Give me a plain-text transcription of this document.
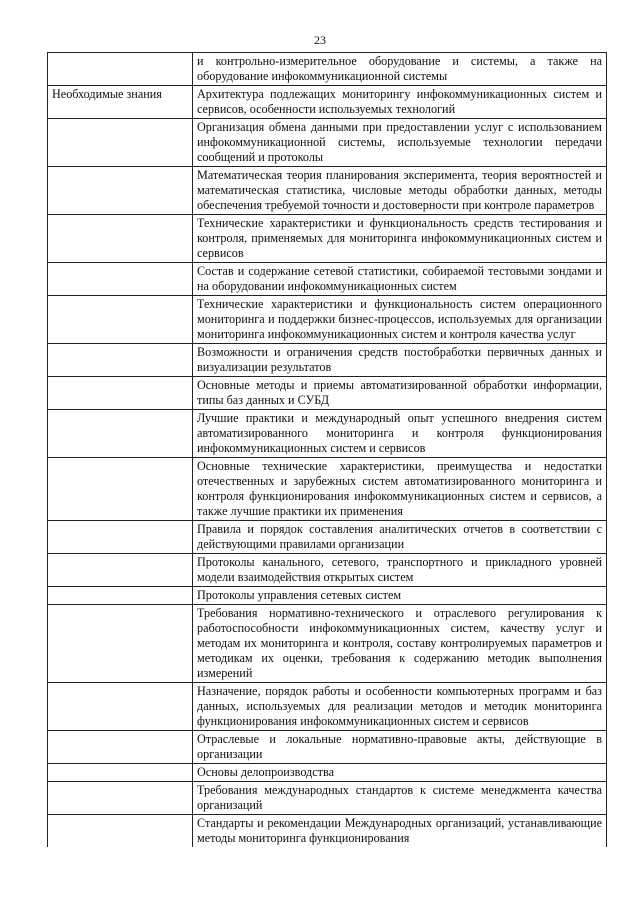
23
	и контрольно-измерительное оборудование и системы, а также на оборудование инфокоммуникационной системы
Необходимые знания	Архитектура подлежащих мониторингу инфокоммуникационных систем и сервисов, особенности используемых технологий
	Организация обмена данными при предоставлении услуг с использованием инфокоммуникационной системы, используемые технологии передачи сообщений и протоколы
	Математическая теория планирования эксперимента, теория вероятностей и математическая статистика, числовые методы обработки данных, методы обеспечения требуемой точности и достоверности при контроле параметров
	Технические характеристики и функциональность средств тестирования и контроля, применяемых для мониторинга инфокоммуникационных систем и сервисов
	Состав и содержание сетевой статистики, собираемой тестовыми зондами и на оборудовании инфокоммуникационных систем
	Технические характеристики и функциональность систем операционного мониторинга и поддержки бизнес-процессов, используемых для организации мониторинга инфокоммуникационных систем и контроля качества услуг
	Возможности и ограничения средств постобработки первичных данных и визуализации результатов
	Основные методы и приемы автоматизированной обработки информации, типы баз данных и СУБД
	Лучшие практики и международный опыт успешного внедрения систем автоматизированного мониторинга и контроля функционирования инфокоммуникационных систем и сервисов
	Основные технические характеристики, преимущества и недостатки отечественных и зарубежных систем автоматизированного мониторинга и контроля функционирования инфокоммуникационных систем и сервисов, а также лучшие практики их применения
	Правила и порядок составления аналитических отчетов в соответствии с действующими правилами организации
	Протоколы канального, сетевого, транспортного и прикладного уровней модели взаимодействия открытых систем
	Протоколы управления сетевых систем
	Требования нормативно-технического и отраслевого регулирования к работоспособности инфокоммуникационных систем, качеству услуг и методам их мониторинга и контроля, составу контролируемых параметров и методикам их оценки, требования к содержанию методик выполнения измерений
	Назначение, порядок работы и особенности компьютерных программ и баз данных, используемых для реализации методов и методик мониторинга функционирования инфокоммуникационных систем и сервисов
	Отраслевые и локальные нормативно-правовые акты, действующие в организации
	Основы делопроизводства
	Требования международных стандартов к системе менеджмента качества организаций
	Стандарты и рекомендации Международных организаций, устанавливающие методы мониторинга функционирования
